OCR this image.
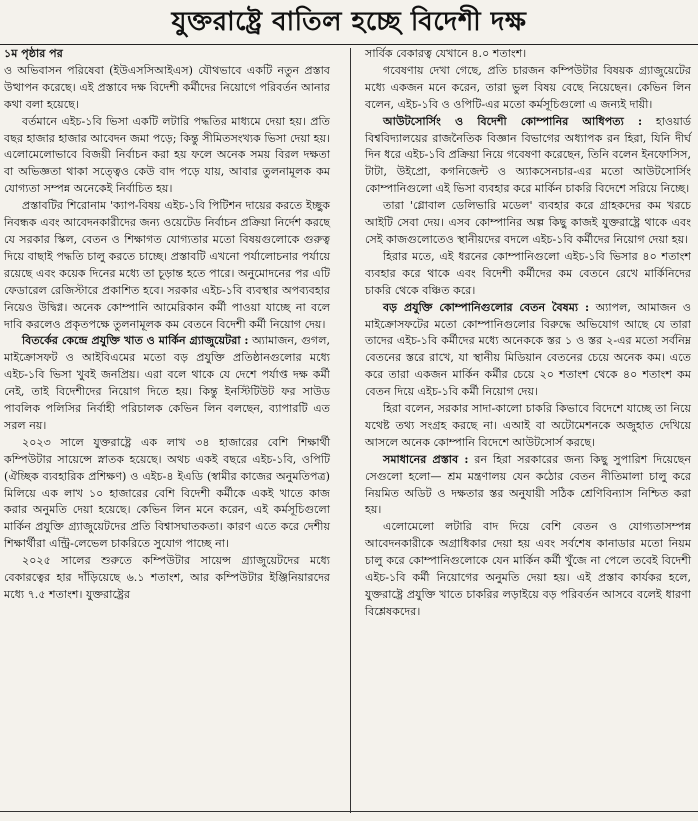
যুক্তরাষ্ট্রে বাতিল হচ্ছে বিদেশী দক্ষ

১ম পৃষ্ঠার পর

ও অভিবাসন পরিষেবা (ইউএসসিআইএস) যৌথভাবে একটি নতুন প্রস্তাব উত্থাপন করেছে। এই প্রস্তাবে দক্ষ বিদেশী কর্মীদের নিয়োগে পরিবর্তন আনার কথা বলা হয়েছে।

বর্তমানে এইচ-১বি ভিসা একটি লটারি পদ্ধতির মাধ্যমে দেয়া হয়। প্রতি বছর হাজার হাজার আবেদন জমা পড়ে; কিন্তু সীমিতসংখ্যক ভিসা দেয়া হয়। এলোমেলোভাবে বিজয়ী নির্বাচন করা হয় ফলে অনেক সময় বিরল দক্ষতা বা অভিজ্ঞতা থাকা সত্ত্বেও কেউ বাদ পড়ে যায়, আবার তুলনামূলক কম যোগ্যতা সম্পন্ন অনেকেই নির্বাচিত হয়।

প্রস্তাবটির শিরোনাম 'ক্যাপ-বিষয় এইচ-১বি পিটিশন দায়ের করতে ইচ্ছুক নিবন্ধক এবং আবেদনকারীদের জন্য ওয়েটেড নির্বাচন প্রক্রিয়া নির্দেশ করছে যে সরকার স্কিল, বেতন ও শিক্ষাগত যোগ্যতার মতো বিষয়গুলোকে গুরুত্ব দিয়ে বাছাই পদ্ধতি চালু করতে চাচ্ছে। প্রস্তাবটি এখনো পর্যালোচনার পর্যায়ে রয়েছে এবং কয়েক দিনের মধ্যে তা চূড়ান্ত হতে পারে। অনুমোদনের পর এটি ফেডারেল রেজিস্টারে প্রকাশিত হবে। সরকার এইচ-১বি ব্যবস্থার অপব্যবহার নিয়েও উদ্বিগ্ন। অনেক কোম্পানি আমেরিকান কর্মী পাওয়া যাচ্ছে না বলে দাবি করলেও প্রকৃতপক্ষে তুলনামূলক কম বেতনে বিদেশী কর্মী নিয়োগ দেয়।

বিতর্কের কেন্দ্রে প্রযুক্তি খাত ও মার্কিন গ্র্যাজুয়েটরা : অ্যামাজন, গুগল, মাইক্রোসফট ও আইবিএমের মতো বড় প্রযুক্তি প্রতিষ্ঠানগুলোর মধ্যে এইচ-১বি ভিসা খুবই জনপ্রিয়। এরা বলে থাকে যে দেশে পর্যাপ্ত দক্ষ কর্মী নেই, তাই বিদেশীদের নিয়োগ দিতে হয়। কিন্তু ইনস্টিটিউট ফর সাউড পাবলিক পলিসির নির্বাহী পরিচালক কেভিন লিন বলছেন, ব্যাপারটি এত সরল নয়।

২০২৩ সালে যুক্তরাষ্ট্রে এক লাখ ৩৪ হাজারের বেশি শিক্ষার্থী কম্পিউটার সায়েন্সে স্নাতক হয়েছে। অথচ একই বছরে এইচ-১বি, ওপিটি (ঐচ্ছিক ব্যবহারিক প্রশিক্ষণ) ও এইচ-৪ ইএডি (স্বামীর কাজের অনুমতিপত্র) মিলিয়ে এক লাখ ১০ হাজারের বেশি বিদেশী কর্মীকে একই খাতে কাজ করার অনুমতি দেয়া হয়েছে। কেভিন লিন মনে করেন, এই কর্মসূচিগুলো মার্কিন প্রযুক্তি গ্র্যাজুয়েটদের প্রতি বিশ্বাসঘাতকতা। কারণ এতে করে দেশীয় শিক্ষার্থীরা এন্ট্রি-লেভেল চাকরিতে সুযোগ পাচ্ছে না।

২০২৫ সালের শুরুতে কম্পিউটার সায়েন্স গ্র্যাজুয়েটদের মধ্যে বেকারত্বের হার দাঁড়িয়েছে ৬.১ শতাংশ, আর কম্পিউটার ইঞ্জিনিয়ারদের মধ্যে ৭.৫ শতাংশ। যুক্তরাষ্ট্রের

সার্বিক বেকারত্ব যেখানে ৪.০ শতাংশ।

গবেষণায় দেখা গেছে, প্রতি চারজন কম্পিউটার বিষয়ক গ্র্যাজুয়েটের মধ্যে একজন মনে করেন, তারা ভুল বিষয় বেছে নিয়েছেন। কেভিন লিন বলেন, এইচ-১বি ও ওপিটি-এর মতো কর্মসূচিগুলো এ জন্যই দায়ী।

আউটসোর্সিং ও বিদেশী কোম্পানির আধিপত্য : হাওয়ার্ড বিশ্ববিদ্যালয়ের রাজনৈতিক বিজ্ঞান বিভাগের অধ্যাপক রন হিরা, যিনি দীর্ঘ দিন ধরে এইচ-১বি প্রক্রিয়া নিয়ে গবেষণা করেছেন, তিনি বলেন ইনফোসিস, টাটা, উইপ্রো, কগনিজেন্ট ও অ্যাকসেনচার-এর মতো আউটসোর্সিং কোম্পানিগুলো এই ভিসা ব্যবহার করে মার্কিন চাকরি বিদেশে সরিয়ে নিচ্ছে।

তারা 'গ্লোবাল ডেলিভারি মডেল' ব্যবহার করে গ্রাহকদের কম খরচে আইটি সেবা দেয়। এসব কোম্পানির অল্প কিছু কাজই যুক্তরাষ্ট্রে থাকে এবং সেই কাজগুলোতেও স্থানীয়দের বদলে এইচ-১বি কর্মীদের নিয়োগ দেয়া হয়।

হিরার মতে, এই ধরনের কোম্পানিগুলো এইচ-১বি ভিসার ৪০ শতাংশ ব্যবহার করে থাকে এবং বিদেশী কর্মীদের কম বেতনে রেখে মার্কিনিদের চাকরি থেকে বঞ্চিত করে।

বড় প্রযুক্তি কোম্পানিগুলোর বেতন বৈষম্য : অ্যাপল, আমাজন ও মাইক্রোসফটের মতো কোম্পানিগুলোর বিরুদ্ধে অভিযোগ আছে যে তারা তাদের এইচ-১বি কর্মীদের মধ্যে অনেককে স্তর ১ ও স্তর ২-এর মতো সর্বনিম্ন বেতনের স্তরে রাখে, যা স্থানীয় মিডিয়ান বেতনের চেয়ে অনেক কম। এতে করে তারা একজন মার্কিন কর্মীর চেয়ে ২০ শতাংশ থেকে ৪০ শতাংশ কম বেতন দিয়ে এইচ-১বি কর্মী নিয়োগ দেয়।

হিরা বলেন, সরকার সাদা-কালো চাকরি কিভাবে বিদেশে যাচ্ছে তা নিয়ে যথেষ্ট তথ্য সংগ্রহ করছে না। এআই বা অটোমেশনকে অজুহাত দেখিয়ে আসলে অনেক কোম্পানি বিদেশে আউটসোর্স করছে।

সমাধানের প্রস্তাব : রন হিরা সরকারের জন্য কিছু সুপারিশ দিয়েছেন সেগুলো হলো— শ্রম মন্ত্রণালয় যেন কঠোর বেতন নীতিমালা চালু করে নিয়মিত অডিট ও দক্ষতার স্তর অনুযায়ী সঠিক শ্রেণিবিন্যাস নিশ্চিত করা হয়।

এলোমেলো লটারি বাদ দিয়ে বেশি বেতন ও যোগ্যতাসম্পন্ন আবেদনকারীকে অগ্রাধিকার দেয়া হয় এবং সর্বশেষ কানাডার মতো নিয়ম চালু করে কোম্পানিগুলোকে যেন মার্কিন কর্মী খুঁজে না পেলে তবেই বিদেশী এইচ-১বি কর্মী নিয়োগের অনুমতি দেয়া হয়। এই প্রস্তাব কার্যকর হলে, যুক্তরাষ্ট্রে প্রযুক্তি খাতে চাকরির লড়াইয়ে বড় পরিবর্তন আসবে বলেই ধারণা বিশ্লেষকদের।
